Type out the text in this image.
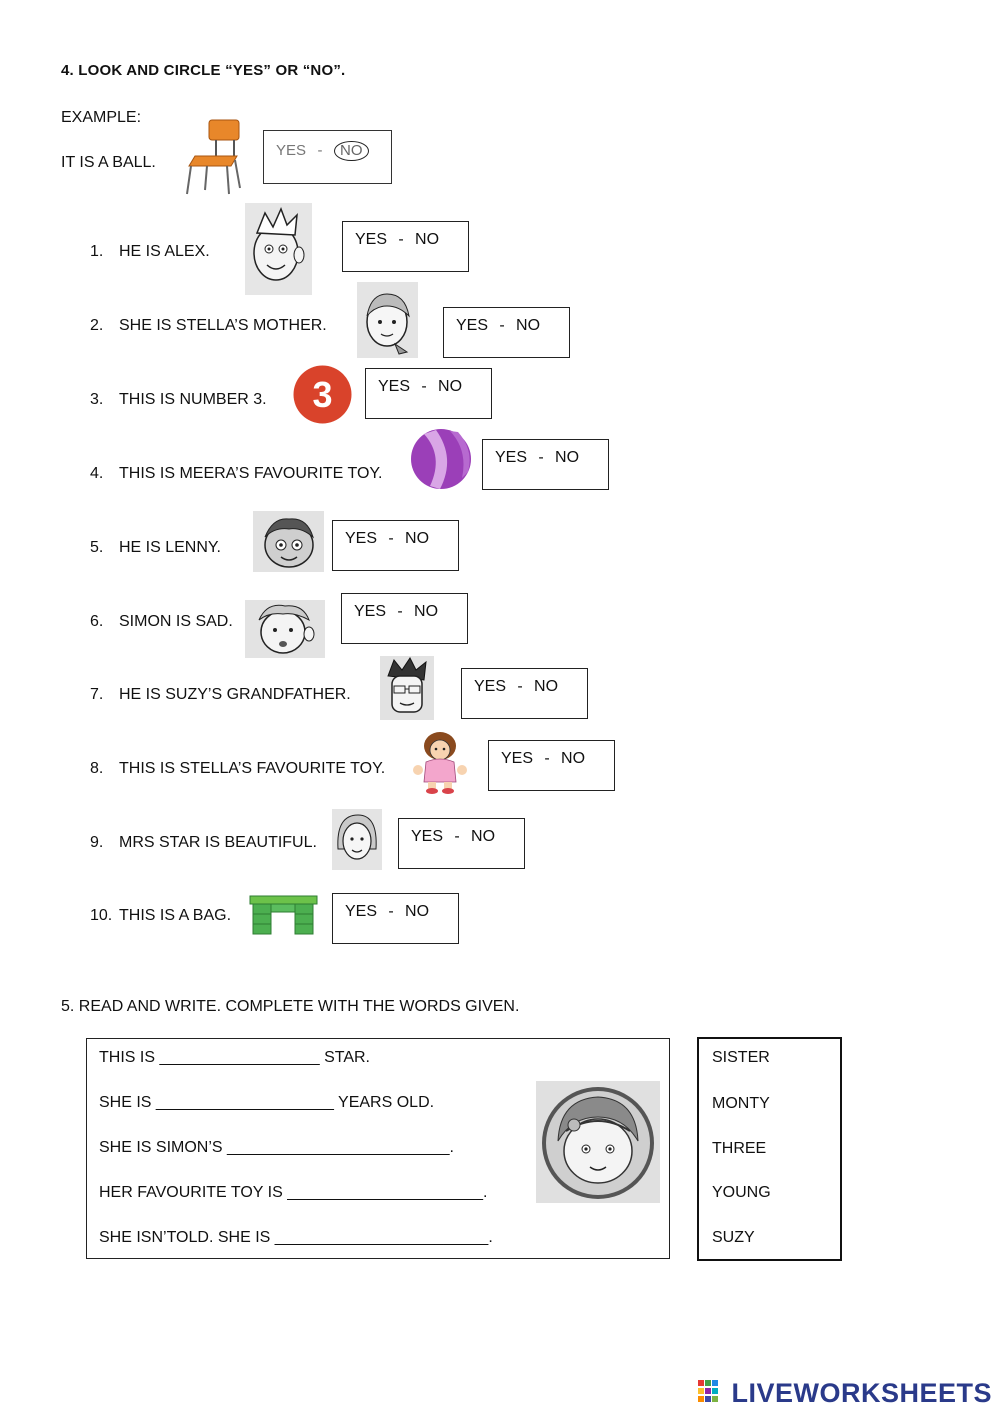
4. LOOK AND CIRCLE “YES” OR “NO”.
EXAMPLE:
IT IS A BALL.
YES - NO
1. HE IS ALEX.
YES - NO
2. SHE IS STELLA’S MOTHER.	YES - NO
3. THIS IS NUMBER 3. 3	YES - NO
4. THIS IS MEERA’S FAVOURITE TOY.
YES - NO
5. HE IS LENNY.
YES - NO
6. SIMON IS SAD.
YES - NO
7. HE IS SUZY’S GRANDFATHER.	YES - NO
8. THIS IS STELLA’S FAVOURITE TOY.
YES - NO
9. MRS STAR IS BEAUTIFUL.	YES - NO
10. THIS IS A BAG.	YES - NO
5. READ AND WRITE. COMPLETE WITH THE WORDS GIVEN.
THIS IS __________________ STAR.
SHE IS ____________________ YEARS OLD.
SHE IS SIMON’S _________________________.
HER FAVOURITE TOY IS ______________________.
SHE ISN’TOLD. SHE IS ________________________.
SISTER
MONTY
THREE
YOUNG
SUZY
LIVEWORKSHEETS
